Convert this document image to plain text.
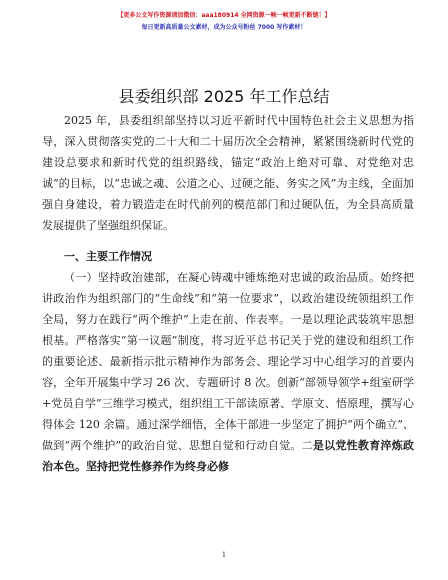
【更多公文写作资源请加微信：aaa180914 全网资源一帧一帧更新不断链！】
每日更新高质量公文素材，成为公众号粉丝 7000 写作素材！
县委组织部 2025 年工作总结

2025 年，县委组织部坚持以习近平新时代中国特色社会主义思想为指导，深入贯彻落实党的二十大和二十届历次全会精神，紧紧围绕新时代党的建设总要求和新时代党的组织路线，锚定“政治上绝对可靠、对党绝对忠诚”的目标，以“忠诚之魂、公道之心、过硬之能、务实之风”为主线，全面加强自身建设，着力锻造走在时代前列的模范部门和过硬队伍，为全县高质量发展提供了坚强组织保证。

一、主要工作情况

（一）坚持政治建部，在凝心铸魂中锤炼绝对忠诚的政治品质。始终把讲政治作为组织部门的“生命线”和“第一位要求”，以政治建设统领组织工作全局，努力在践行“两个维护”上走在前、作表率。一是以理论武装筑牢思想根基。严格落实“第一议题”制度，将习近平总书记关于党的建设和组织工作的重要论述、最新指示批示精神作为部务会、理论学习中心组学习的首要内容，全年开展集中学习 26 次、专题研讨 8 次。创新“部领导领学+组室研学+党员自学”三维学习模式，组织组工干部读原著、学原文、悟原理，撰写心得体会 120 余篇。通过深学细悟，全体干部进一步坚定了拥护“两个确立”、做到“两个维护”的政治自觉、思想自觉和行动自觉。二是以党性教育淬炼政治本色。坚持把党性修养作为终身必修

1
